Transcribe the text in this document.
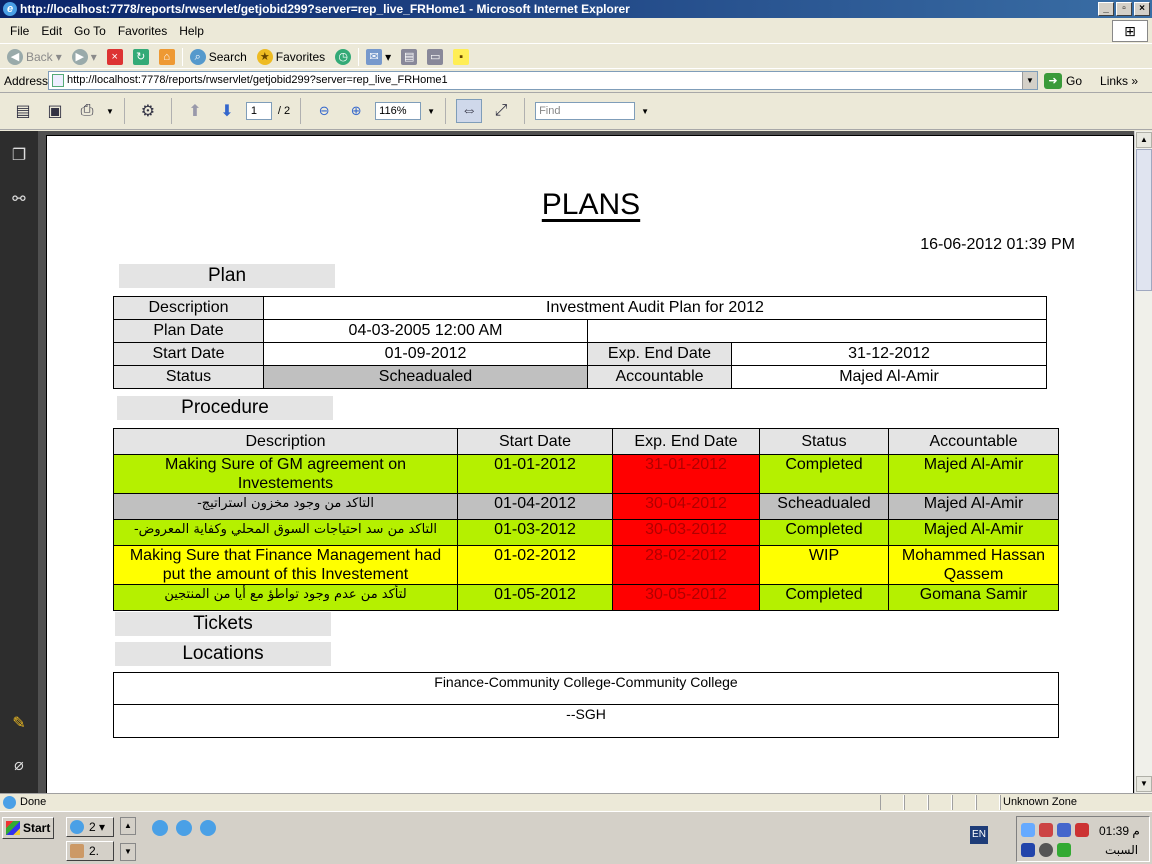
e http://localhost:7778/reports/rwservlet/getjobid299?server=rep_live_FRHome1 - Microsoft Internet Explorer	_	▫	×
File	Edit	Go To	Favorites	Help	⊞
◀ Back ▾	▶ ▾	×	↻	⌂	⌕ Search ★ Favorites ◷	✉ ▾ ▤ ▭	▪
Address	http://localhost:7778/reports/rwservlet/getjobid299?server=rep_live_FRHome1	▼	➜ Go Links »
▤ ▣ ⎙ ▼ ⚙ ⬆ ⬇	1	/ 2 ⊖ ⊕	116%	▼ ⇔ ⤢	Find	▼
❐
⚯
✎
⌀
PLANS
16-06-2012 01:39 PM
Plan
Description	Investment Audit Plan for 2012		
Plan Date	04-03-2005 12:00 AM		
Start Date	01-09-2012	Exp. End Date	31-12-2012
Status	Scheadualed	Accountable	Majed Al-Amir
Procedure
Description	Start Date	Exp. End Date	Status	Accountable
Making Sure of GM agreement on Investements	01-01-2012	31-01-2012	Completed	Majed Al-Amir
التاكد من وجود مخزون استراتيج-	01-04-2012	30-04-2012	Scheadualed	Majed Al-Amir
التاكد من سد احتياجات السوق المحلي وكفاية المعروض-	01-03-2012	30-03-2012	Completed	Majed Al-Amir
Making Sure that Finance Management had put the amount of this Investement	01-02-2012	28-02-2012	WIP	Mohammed Hassan Qassem
لتأكد من عدم وجود تواطؤ مع أيا من المنتجين	01-05-2012	30-05-2012	Completed	Gomana Samir
Tickets
Locations
Finance-Community College-Community College
--SGH
▲
▼
Done	Unknown Zone
Start	2 ▾
2.
▲
▼
EN	01:39 م
السبت
